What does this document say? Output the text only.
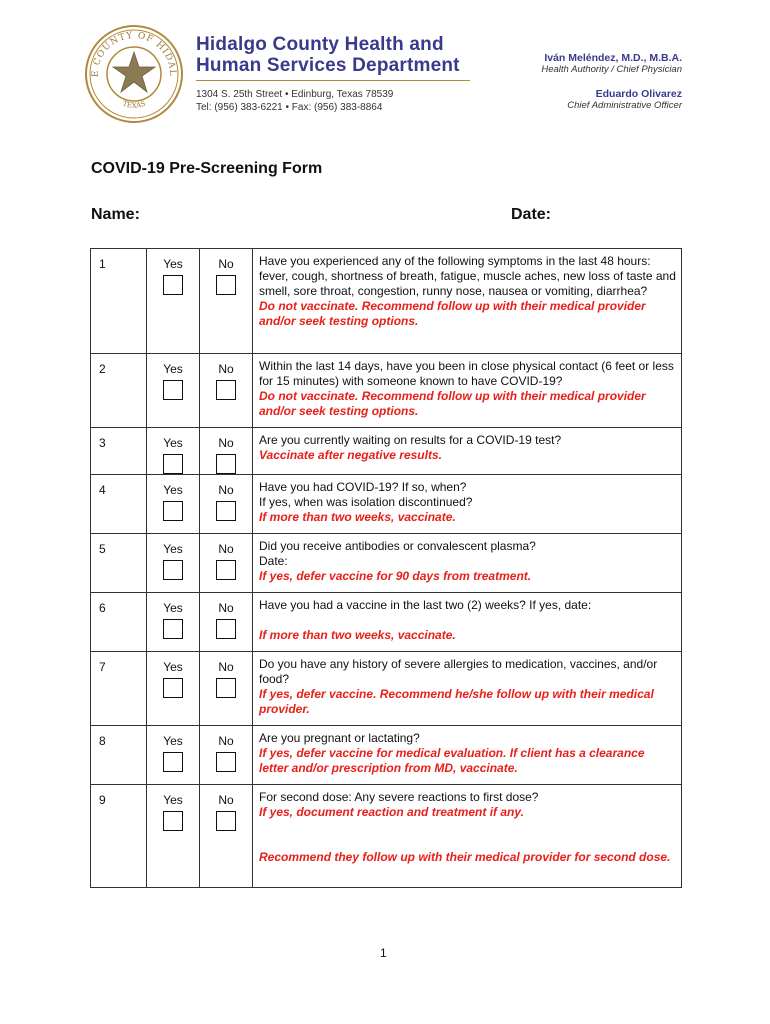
E COUNTY OF HIDAL
TEXAS
Hidalgo County Health and
Human Services Department
1304 S. 25th Street • Edinburg, Texas 78539
Tel: (956) 383-6221 • Fax: (956) 383-8864
Iván Meléndez, M.D., M.B.A.
Health Authority / Chief Physician
Eduardo Olivarez
Chief Administrative Officer
COVID-19 Pre-Screening Form
Name:	Date:
1	Yes	No	Have you experienced any of the following symptoms in the last 48 hours: fever, cough, shortness of breath, fatigue, muscle aches, new loss of taste and smell, sore throat, congestion, runny nose, nausea or vomiting, diarrhea?
Do not vaccinate. Recommend follow up with their medical provider and/or seek testing options.

2	Yes	No	Within the last 14 days, have you been in close physical contact (6 feet or less for 15 minutes) with someone known to have COVID-19?
Do not vaccinate. Recommend follow up with their medical provider and/or seek testing options.

3	Yes	No	Are you currently waiting on results for a COVID-19 test?
Vaccinate after negative results.

4	Yes	No	Have you had COVID-19? If so, when?
If yes, when was isolation discontinued?
If more than two weeks, vaccinate.

5	Yes	No	Did you receive antibodies or convalescent plasma?
Date:
If yes, defer vaccine for 90 days from treatment.

6	Yes	No	Have you had a vaccine in the last two (2) weeks? If yes, date:
If more than two weeks, vaccinate.

7	Yes	No	Do you have any history of severe allergies to medication, vaccines, and/or food?
If yes, defer vaccine. Recommend he/she follow up with their medical provider.

8	Yes	No	Are you pregnant or lactating?
If yes, defer vaccine for medical evaluation. If client has a clearance letter and/or prescription from MD, vaccinate.

9	Yes	No	For second dose: Any severe reactions to first dose?
If yes, document reaction and treatment if any.
Recommend they follow up with their medical provider for second dose.
1
